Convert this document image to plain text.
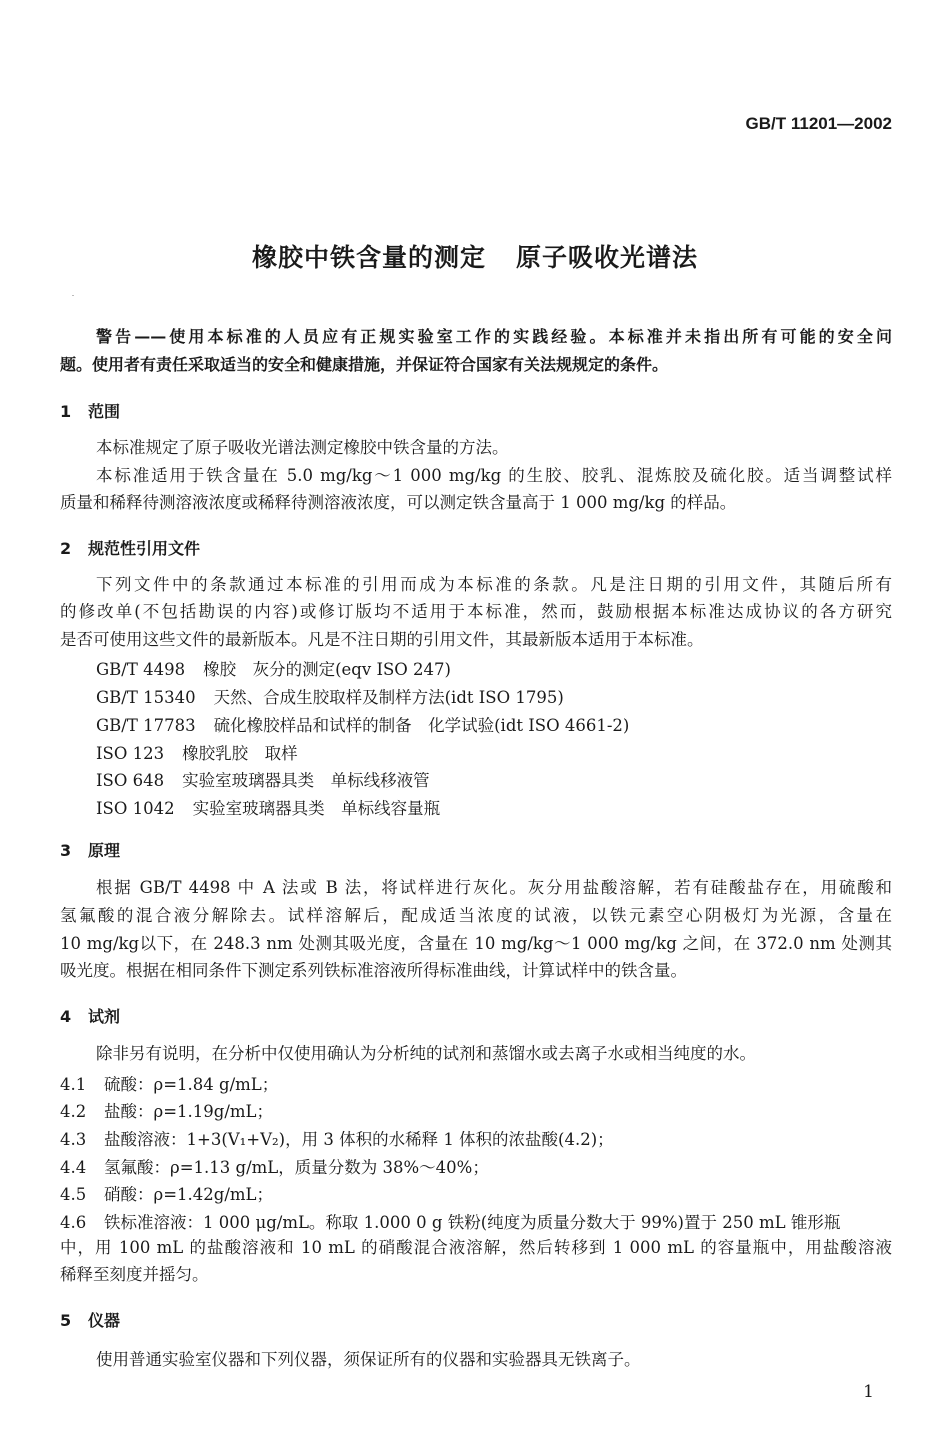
GB/T 11201—2002
橡胶中铁含量的测定 原子吸收光谱法
警告——使用本标准的人员应有正规实验室工作的实践经验。本标准并未指出所有可能的安全问
题。使用者有责任采取适当的安全和健康措施，并保证符合国家有关法规规定的条件。
1 范围
本标准规定了原子吸收光谱法测定橡胶中铁含量的方法。
本标准适用于铁含量在 5.0 mg/kg～1 000 mg/kg 的生胶、胶乳、混炼胶及硫化胶。适当调整试样
质量和稀释待测溶液浓度或稀释待测溶液浓度，可以测定铁含量高于 1 000 mg/kg 的样品。
2 规范性引用文件
下列文件中的条款通过本标准的引用而成为本标准的条款。凡是注日期的引用文件，其随后所有
的修改单(不包括勘误的内容)或修订版均不适用于本标准，然而，鼓励根据本标准达成协议的各方研究
是否可使用这些文件的最新版本。凡是不注日期的引用文件，其最新版本适用于本标准。
GB/T 4498 橡胶　灰分的测定(eqv ISO 247)
GB/T 15340 天然、合成生胶取样及制样方法(idt ISO 1795)
GB/T 17783 硫化橡胶样品和试样的制备　化学试验(idt ISO 4661-2)
ISO 123 橡胶乳胶　取样
ISO 648 实验室玻璃器具类　单标线移液管
ISO 1042 实验室玻璃器具类　单标线容量瓶
3 原理
根据 GB/T 4498 中 A 法或 B 法，将试样进行灰化。灰分用盐酸溶解，若有硅酸盐存在，用硫酸和
氢氟酸的混合液分解除去。试样溶解后，配成适当浓度的试液，以铁元素空心阴极灯为光源，含量在
10 mg/kg以下，在 248.3 nm 处测其吸光度，含量在 10 mg/kg～1 000 mg/kg 之间，在 372.0 nm 处测其
吸光度。根据在相同条件下测定系列铁标准溶液所得标准曲线，计算试样中的铁含量。
4 试剂
除非另有说明，在分析中仅使用确认为分析纯的试剂和蒸馏水或去离子水或相当纯度的水。
4.1 硫酸：ρ=1.84 g/mL；
4.2 盐酸：ρ=1.19g/mL；
4.3 盐酸溶液：1+3(V₁+V₂)，用 3 体积的水稀释 1 体积的浓盐酸(4.2)；
4.4 氢氟酸：ρ=1.13 g/mL，质量分数为 38%～40%；
4.5 硝酸：ρ=1.42g/mL；
4.6 铁标准溶液：1 000 μg/mL。称取 1.000 0 g 铁粉(纯度为质量分数大于 99%)置于 250 mL 锥形瓶
中，用 100 mL 的盐酸溶液和 10 mL 的硝酸混合液溶解，然后转移到 1 000 mL 的容量瓶中，用盐酸溶液
稀释至刻度并摇匀。
5 仪器
使用普通实验室仪器和下列仪器，须保证所有的仪器和实验器具无铁离子。
1
